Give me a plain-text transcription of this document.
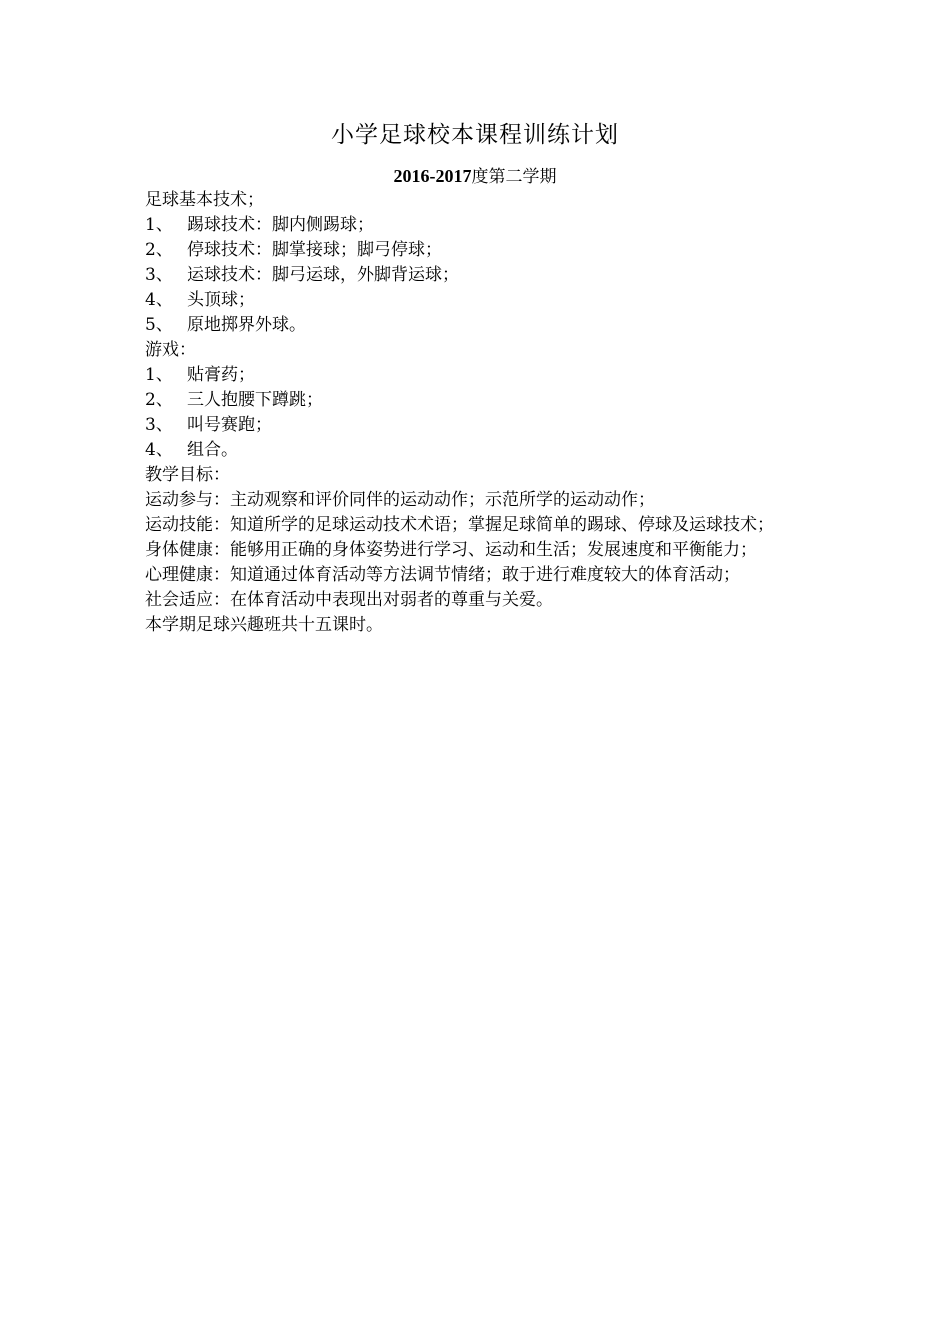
小学足球校本课程训练计划
2016-2017度第二学期
足球基本技术；
1、 踢球技术：脚内侧踢球；
2、 停球技术：脚掌接球；脚弓停球；
3、 运球技术：脚弓运球，外脚背运球；
4、 头顶球；
5、 原地掷界外球。
游戏：
1、 贴膏药；
2、 三人抱腰下蹲跳；
3、 叫号赛跑；
4、 组合。
教学目标：
运动参与：主动观察和评价同伴的运动动作；示范所学的运动动作；
运动技能：知道所学的足球运动技术术语；掌握足球简单的踢球、停球及运球技术；
身体健康：能够用正确的身体姿势进行学习、运动和生活；发展速度和平衡能力；
心理健康：知道通过体育活动等方法调节情绪；敢于进行难度较大的体育活动；
社会适应：在体育活动中表现出对弱者的尊重与关爱。
本学期足球兴趣班共十五课时。
